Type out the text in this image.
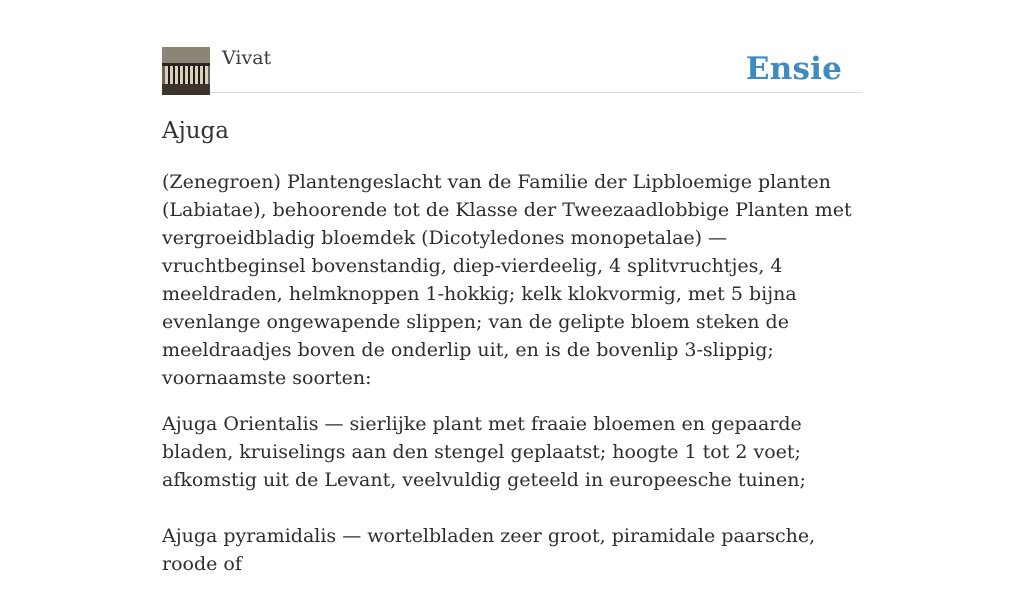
Vivat	Ensie
Ajuga

(Zenegroen) Plantengeslacht van de Familie der Lipbloemige planten (Labiatae), behoorende tot de Klasse der Tweezaadlobbige Planten met vergroeidbladig bloemdek (Dicotyledones monopetalae) — vruchtbeginsel bovenstandig, diep-vierdeelig, 4 splitvruchtjes, 4 meeldraden, helmknoppen 1-hokkig; kelk klokvormig, met 5 bijna evenlange ongewapende slippen; van de gelipte bloem steken de meeldraadjes boven de onderlip uit, en is de bovenlip 3-slippig; voornaamste soorten:

Ajuga Orientalis — sierlijke plant met fraaie bloemen en gepaarde bladen, kruiselings aan den stengel geplaatst; hoogte 1 tot 2 voet; afkomstig uit de Levant, veelvuldig geteeld in europeesche tuinen;

Ajuga pyramidalis — wortelbladen zeer groot, piramidale paarsche, roode of
